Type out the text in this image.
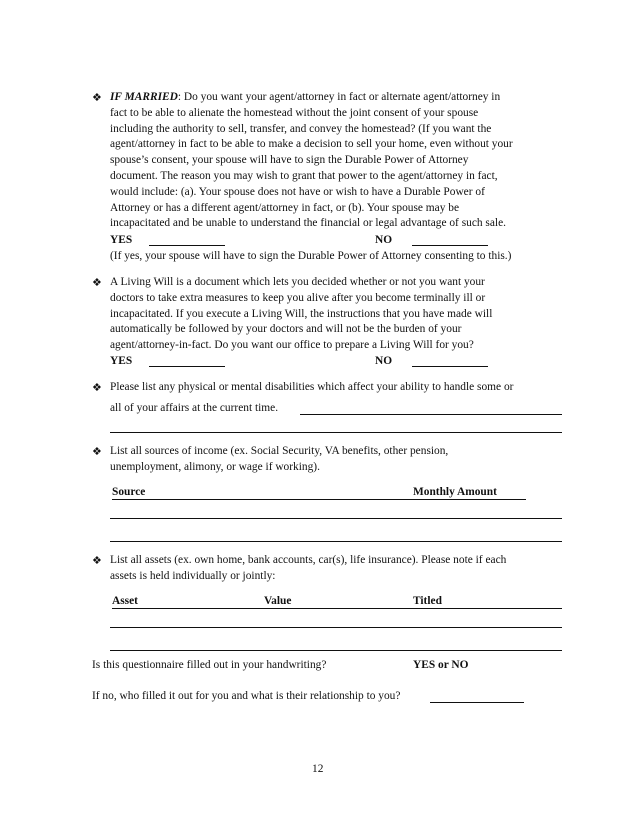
❖ IF MARRIED: Do you want your agent/attorney in fact or alternate agent/attorney in
fact to be able to alienate the homestead without the joint consent of your spouse
including the authority to sell, transfer, and convey the homestead? (If you want the
agent/attorney in fact to be able to make a decision to sell your home, even without your
spouse’s consent, your spouse will have to sign the Durable Power of Attorney
document. The reason you may wish to grant that power to the agent/attorney in fact,
would include: (a). Your spouse does not have or wish to have a Durable Power of
Attorney or has a different agent/attorney in fact, or (b). Your spouse may be
incapacitated and be unable to understand the financial or legal advantage of such sale.
YES	NO
(If yes, your spouse will have to sign the Durable Power of Attorney consenting to this.)
❖ A Living Will is a document which lets you decided whether or not you want your
doctors to take extra measures to keep you alive after you become terminally ill or
incapacitated. If you execute a Living Will, the instructions that you have made will
automatically be followed by your doctors and will not be the burden of your
agent/attorney-in-fact. Do you want our office to prepare a Living Will for you?
YES	NO
❖ Please list any physical or mental disabilities which affect your ability to handle some or
all of your affairs at the current time.
❖ List all sources of income (ex. Social Security, VA benefits, other pension,
unemployment, alimony, or wage if working).
Source	Monthly Amount
❖ List all assets (ex. own home, bank accounts, car(s), life insurance). Please note if each
assets is held individually or jointly:
Asset	Value	Titled
Is this questionnaire filled out in your handwriting?	YES or NO
If no, who filled it out for you and what is their relationship to you?
12
